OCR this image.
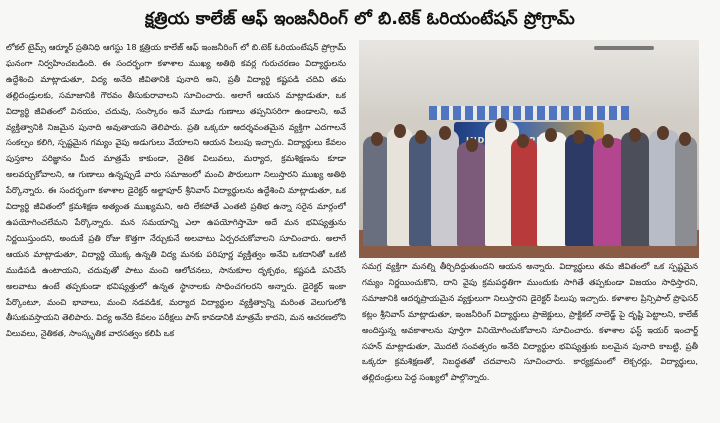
క్షత్రియ కాలేజ్ ఆఫ్ ఇంజనీరింగ్ లో బి.టెక్ ఓరియంటేషన్ ప్రోగ్రామ్

లోకల్ టైమ్స్ ఆర్మూర్ ప్రతినిధి ఆగస్టు 18 క్షత్రియ కాలేజ్ ఆఫ్ ఇంజనీరింగ్ లో బి.టెక్ ఓరియంటేషన్ ప్రోగ్రామ్ ఘనంగా నిర్వహించబడింది. ఈ సందర్భంగా కళాశాల ముఖ్య అతిథి కవర్ల గురుచరణం విద్యార్థులను ఉద్దేశించి మాట్లాడుతూ, విద్య అనేది జీవితానికి పునాది అని, ప్రతీ విద్యార్థి కష్టపడి చదివి తమ తల్లిదండ్రులకు, సమాజానికి గౌరవం తీసుకురావాలని సూచించారు. అలాగే ఆయన మాట్లాడుతూ, ఒక విద్యార్థి జీవితంలో వినయం, చదువు, సంస్కారం అనే మూడు గుణాలు తప్పనిసరిగా ఉండాలని, అవే వ్యక్తిత్వానికి నిజమైన పునాది అవుతాయని తెలిపారు. ప్రతి ఒక్కరూ ఆదర్శవంతమైన వ్యక్తిగా ఎదగాలనే సంకల్పం కలిగి, స్పష్టమైన గమ్యం వైపు అడుగులు వేయాలని ఆయన పిలుపు ఇచ్చారు. విద్యార్థులు కేవలం పుస్తకాల పరిజ్ఞానం మీద మాత్రమే కాకుండా, నైతిక విలువలు, మర్యాద, క్రమశిక్షణను కూడా అలవర్చుకోవాలని, ఆ గుణాలు ఉన్నప్పుడే వారు సమాజంలో మంచి పౌరులుగా నిలుస్తారని ముఖ్య అతిథి పేర్కొన్నారు. ఈ సందర్భంగా కళాశాల డైరెక్టర్ అల్జాపూర్ శ్రీనివాస్ విద్యార్థులను ఉద్దేశించి మాట్లాడుతూ, ఒక విద్యార్థి జీవితంలో క్రమశిక్షణ అత్యంత ముఖ్యమని, అది లేకపోతే ఎంతటి ప్రతిభ ఉన్నా సరైన మార్గంలో ఉపయోగించలేమని పేర్కొన్నారు. మన సమయాన్ని ఎలా ఉపయోగిస్తామో అదే మన భవిష్యత్తును నిర్ణయిస్తుందని, అందుకే ప్రతి రోజు కొత్తగా నేర్చుకునే అలవాటు ఏర్పరచుకోవాలని సూచించారు. అలాగే ఆయన మాట్లాడుతూ, విద్యార్థి యొక్క ఉన్నతి విద్య మనకు పరిపూర్ణ వ్యక్తిత్వం అనేవి ఒకదానితో ఒకటి ముడిపడి ఉంటాయని, చదువుతో పాటు మంచి ఆలోచనలు, సానుకూల దృక్పథం, కష్టపడి పనిచేసే అలవాటు ఉంటే తప్పకుండా భవిష్యత్తులో ఉన్నత స్థానాలకు సాధించగలరని అన్నారు. డైరెక్టర్ ఇంకా పేర్కొంటూ, మంచి భావాలు, మంచి నడవడిక, మర్యాద విద్యార్థుల వ్యక్తిత్వాన్ని మరింత వెలుగులోకి తీసుకువస్తాయని తెలిపారు. విద్య అనేది కేవలం పరీక్షలు పాస్ కావడానికి మాత్రమే కాదని, మన ఆచరణలోని విలువలు, నైతికత, సాంస్కృతిక వారసత్వం కలిపి ఒక

సమగ్ర వ్యక్తిగా మనల్ని తీర్చిదిద్దుతుందని ఆయన అన్నారు. విద్యార్థులు తమ జీవితంలో ఒక స్పష్టమైన గమ్యం నిర్ణయించుకొని, దాని వైపు క్రమపద్ధతిగా ముందుకు సాగితే తప్పకుండా విజయం సాధిస్తారని, సమాజానికి ఆదర్శప్రాయమైన వ్యక్తులుగా నిలుస్తారని డైరెక్టర్ పిలుపు ఇచ్చారు. కళాశాల ప్రిన్సిపాల్ ప్రొఫెసర్ కట్లం శ్రీనివాస్ మాట్లాడుతూ, ఇంజనీరింగ్ విద్యార్థులు ప్రాజెక్టులు, ప్రాక్టికల్ నాలెడ్జ్ పై దృష్టి పెట్టాలని, కాలేజ్ అందిస్తున్న అవకాశాలను పూర్తిగా వినియోగించుకోవాలని సూచించారు. కళాశాల ఫస్ట్ ఇయర్ ఇంచార్జ్ సహన్ మాట్లాడుతూ, మొదటి సంవత్సరం అనేది విద్యార్థుల భవిష్యత్తుకు బలమైన పునాది కాబట్టి, ప్రతీ ఒక్కరూ క్రమశిక్షణతో, నిబద్ధతతో చదవాలని సూచించారు. కార్యక్రమంలో లెక్చరర్లు, విద్యార్థులు, తల్లిదండ్రులు పెద్ద సంఖ్యలో పాల్గొన్నారు.
